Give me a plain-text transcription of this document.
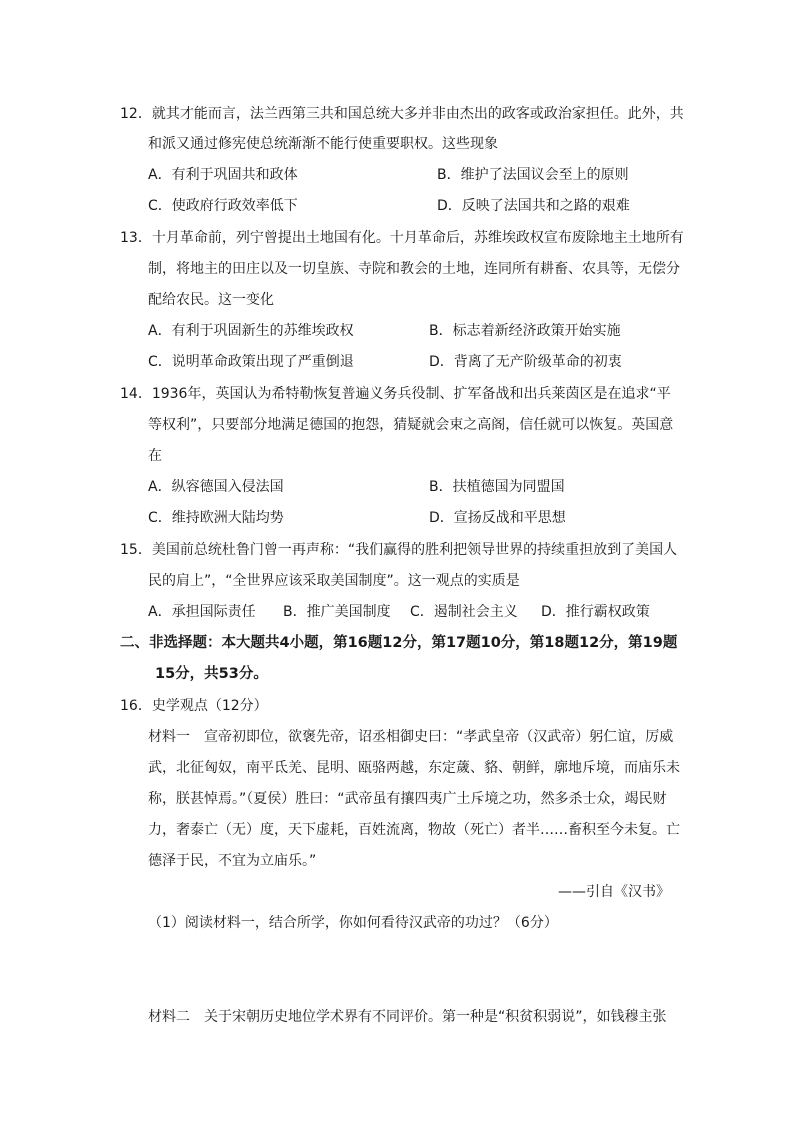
12．就其才能而言，法兰西第三共和国总统大多并非由杰出的政客或政治家担任。此外，共
和派又通过修宪使总统渐渐不能行使重要职权。这些现象
A．有利于巩固共和政体	B．维护了法国议会至上的原则
C．使政府行政效率低下	D．反映了法国共和之路的艰难
13．十月革命前，列宁曾提出土地国有化。十月革命后，苏维埃政权宣布废除地主土地所有
制，将地主的田庄以及一切皇族、寺院和教会的土地，连同所有耕畜、农具等，无偿分
配给农民。这一变化
A．有利于巩固新生的苏维埃政权	B．标志着新经济政策开始实施
C．说明革命政策出现了严重倒退	D．背离了无产阶级革命的初衷
14．1936年，英国认为希特勒恢复普遍义务兵役制、扩军备战和出兵莱茵区是在追求“平
等权利”，只要部分地满足德国的抱怨，猜疑就会束之高阁，信任就可以恢复。英国意
在
A．纵容德国入侵法国	B．扶植德国为同盟国
C．维持欧洲大陆均势	D．宣扬反战和平思想
15．美国前总统杜鲁门曾一再声称：“我们赢得的胜利把领导世界的持续重担放到了美国人
民的肩上”，“全世界应该采取美国制度”。这一观点的实质是
A．承担国际责任 B．推广美国制度 C．遏制社会主义 D．推行霸权政策
二、非选择题：本大题共4小题，第16题12分，第17题10分，第18题12分，第19题
15分，共53分。
16．史学观点（12分）
材料一　宣帝初即位，欲褒先帝，诏丞相御史曰：“孝武皇帝（汉武帝）躬仁谊，厉威
武，北征匈奴，南平氐羌、昆明、瓯骆两越，东定薉、貉、朝鲜，廓地斥境，而庙乐未
称，朕甚悼焉。”（夏侯）胜曰：“武帝虽有攘四夷广土斥境之功，然多杀士众，竭民财
力，奢泰亡（无）度，天下虚耗，百姓流离，物故（死亡）者半……畜积至今未复。亡
德泽于民，不宜为立庙乐。”
——引自《汉书》
（1）阅读材料一，结合所学，你如何看待汉武帝的功过？（6分）
材料二　关于宋朝历史地位学术界有不同评价。第一种是“积贫积弱说”，如钱穆主张
